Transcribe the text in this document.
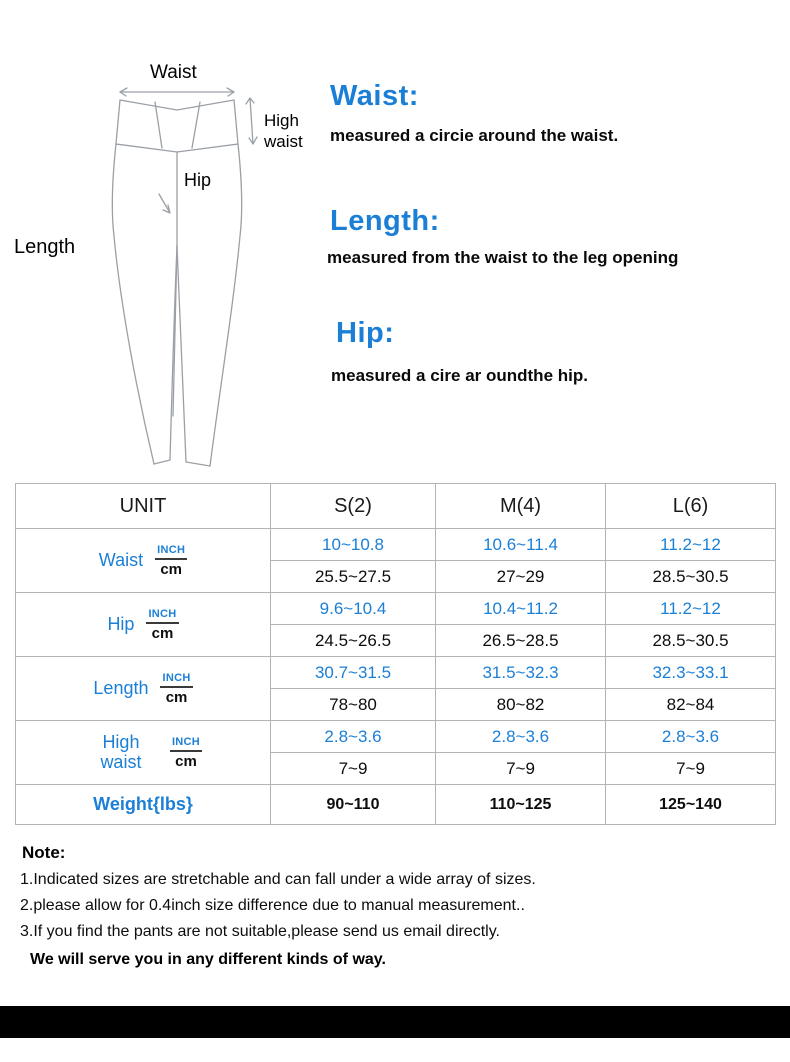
Waist
High
waist
Hip
Length
Waist:
measured a circie around the waist.
Length:
measured from the waist to the leg opening
Hip:
measured a cire ar oundthe hip.
UNIT	S(2)	M(4)	L(6)

Waist $\frac{\text{INCH}}{cm}$	10~10.8	10.6~11.4	11.2~12
	25.5~27.5	27~29	28.5~30.5

Hip $\frac{\text{INCH}}{cm}$	9.6~10.4	10.4~11.2	11.2~12
	24.5~26.5	26.5~28.5	28.5~30.5

Length $\frac{\text{INCH}}{cm}$	30.7~31.5	31.5~32.3	32.3~33.1
	78~80	80~82	82~84

High waist $\frac{\text{INCH}}{cm}$	2.8~3.6	2.8~3.6	2.8~3.6
	7~9	7~9	7~9
Weight{lbs}	90~110	110~125	125~140
Note:
1.Indicated sizes are stretchable and can fall under a wide array of sizes.
2.please allow for 0.4inch size difference due to manual measurement..
3.If you find the pants are not suitable,please send us email directly.
We will serve you in any different kinds of way.
